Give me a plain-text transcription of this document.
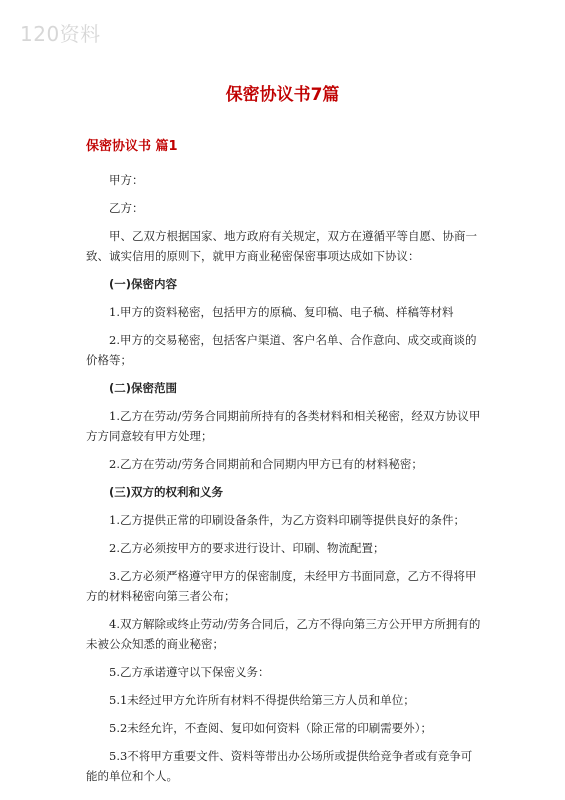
120资料
保密协议书7篇
保密协议书 篇1

甲方：

乙方：

甲、乙双方根据国家、地方政府有关规定，双方在遵循平等自愿、协商一致、诚实信用的原则下，就甲方商业秘密保密事项达成如下协议：

(一)保密内容

1.甲方的资料秘密，包括甲方的原稿、复印稿、电子稿、样稿等材料

2.甲方的交易秘密，包括客户渠道、客户名单、合作意向、成交或商谈的价格等；

(二)保密范围

1.乙方在劳动/劳务合同期前所持有的各类材料和相关秘密，经双方协议甲方方同意较有甲方处理；

2.乙方在劳动/劳务合同期前和合同期内甲方已有的材料秘密；

(三)双方的权利和义务

1.乙方提供正常的印刷设备条件，为乙方资料印刷等提供良好的条件；

2.乙方必须按甲方的要求进行设计、印刷、物流配置；

3.乙方必须严格遵守甲方的保密制度，未经甲方书面同意，乙方不得将甲方的材料秘密向第三者公布；

4.双方解除或终止劳动/劳务合同后，乙方不得向第三方公开甲方所拥有的未被公众知悉的商业秘密；

5.乙方承诺遵守以下保密义务：

5.1未经过甲方允许所有材料不得提供给第三方人员和单位；

5.2未经允许，不查阅、复印如何资料（除正常的印刷需要外）；

5.3不将甲方重要文件、资料等带出办公场所或提供给竞争者或有竞争可能的单位和个人。
